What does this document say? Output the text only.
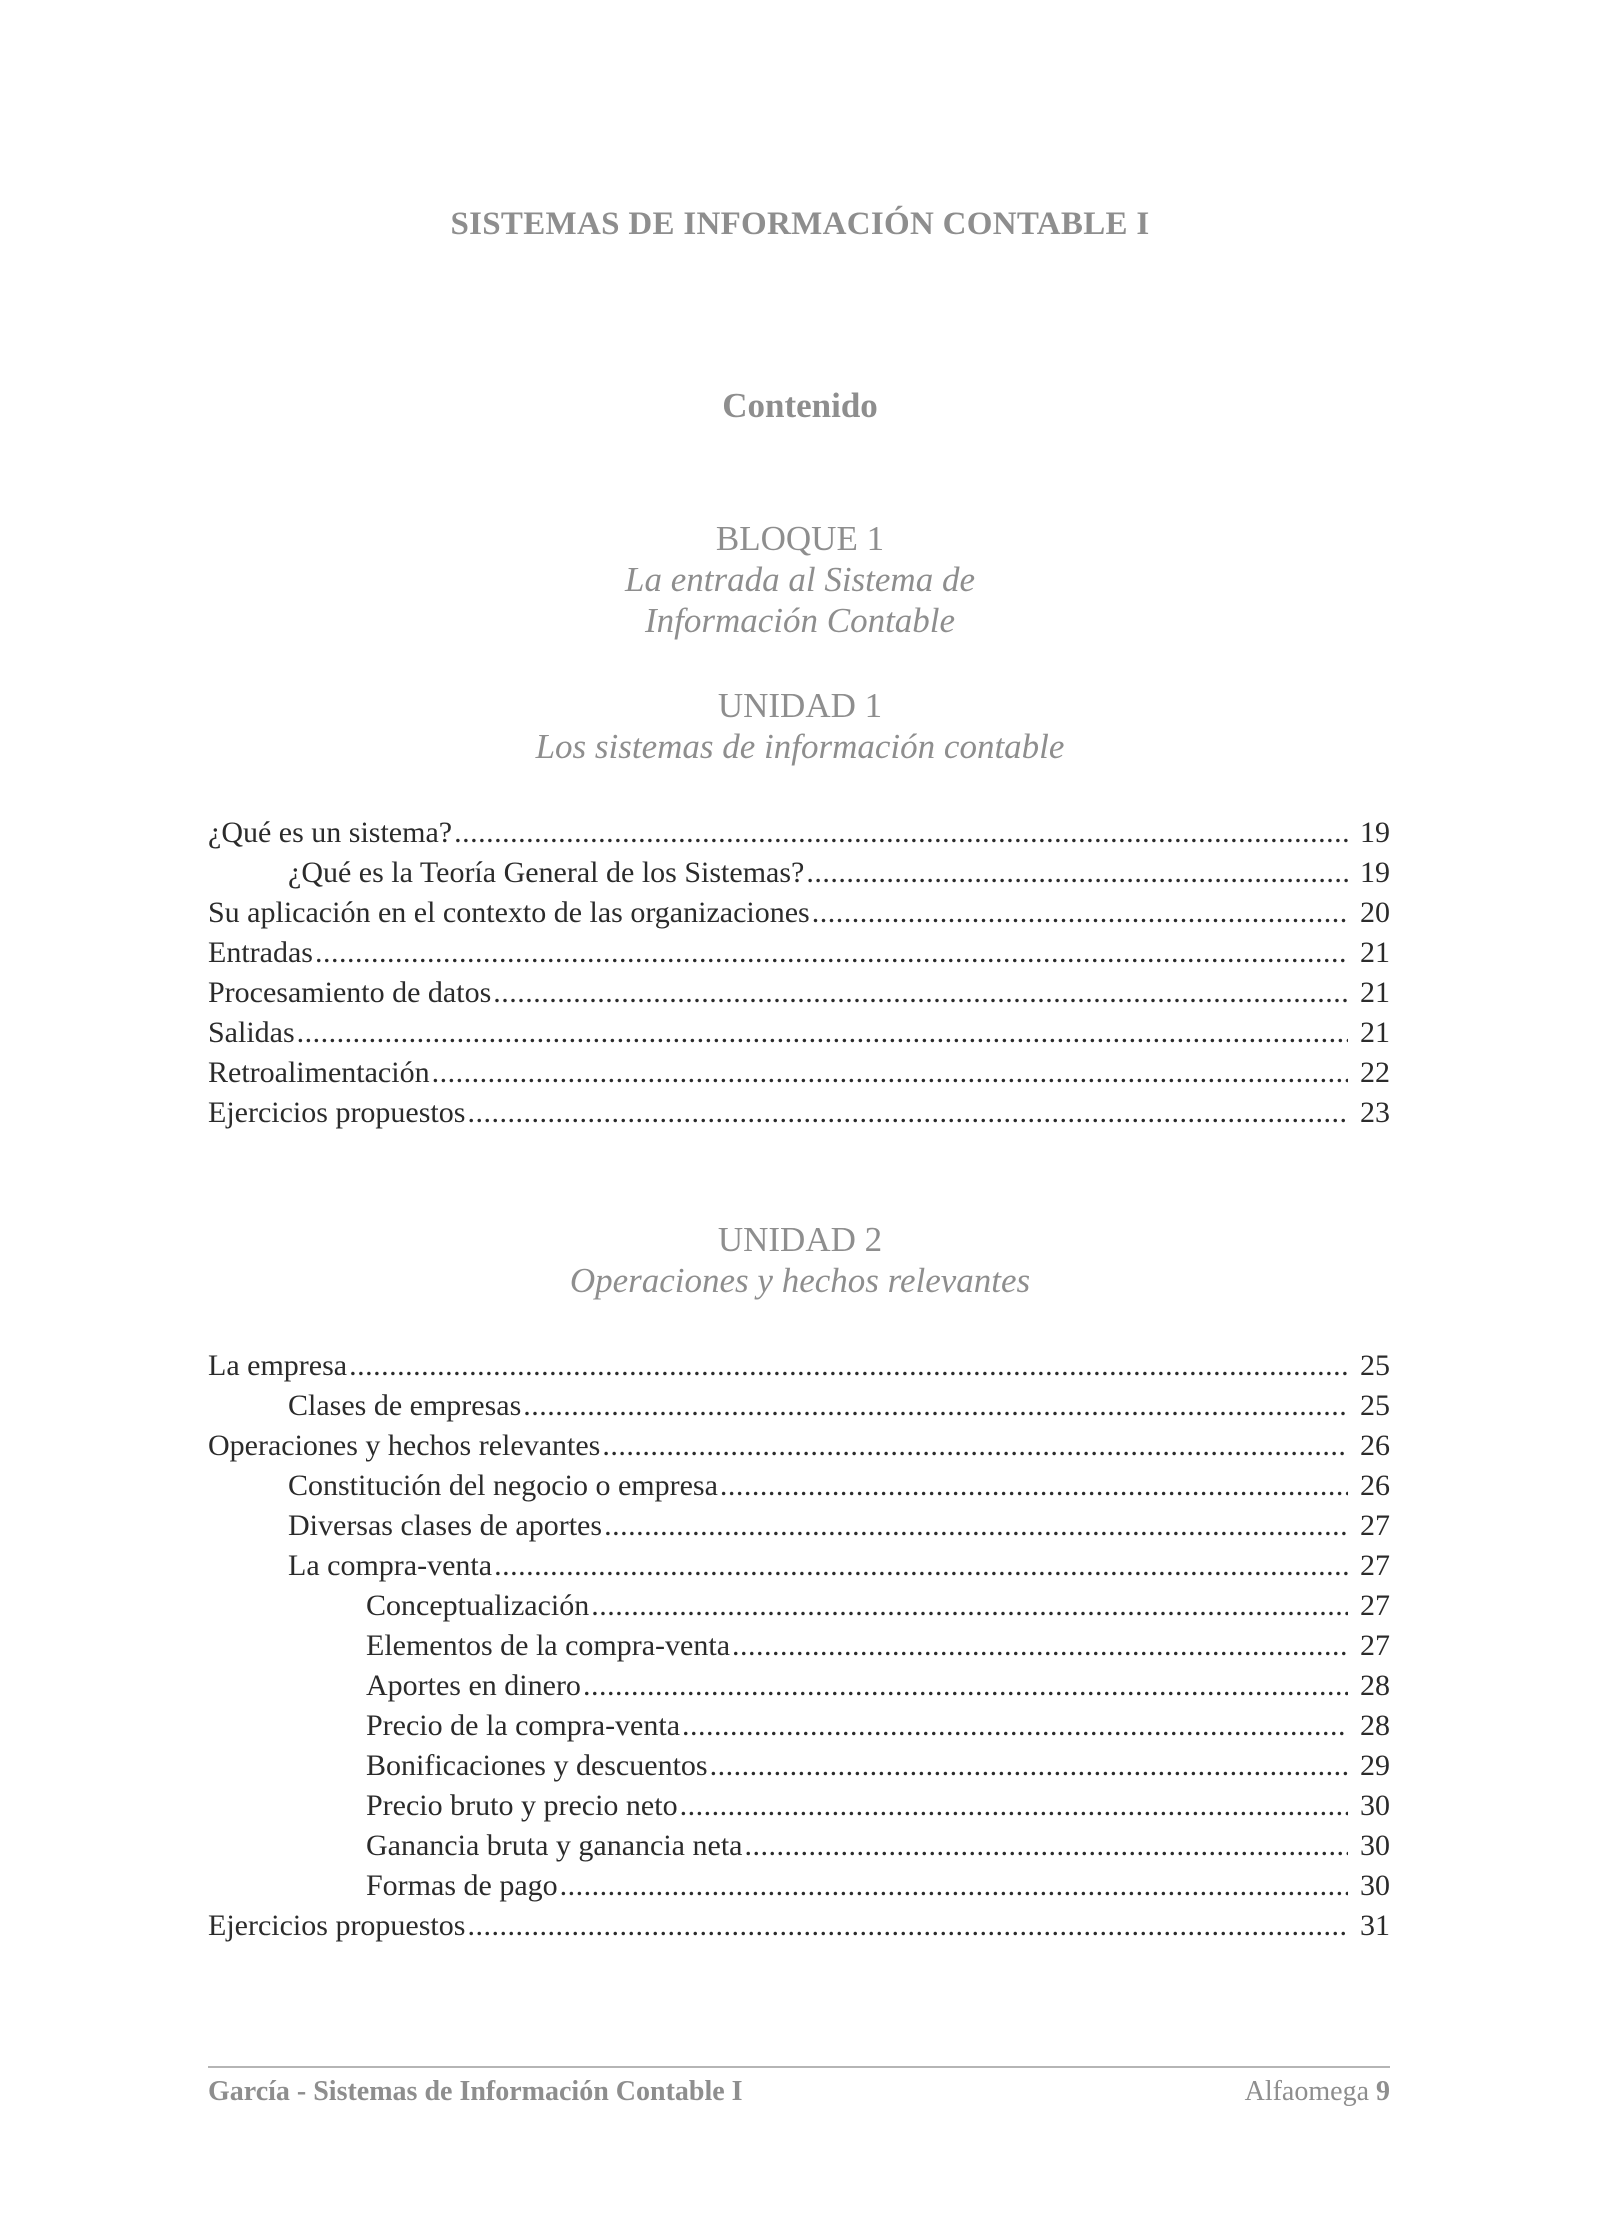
SISTEMAS DE INFORMACIÓN CONTABLE I
Contenido
BLOQUE 1
La entrada al Sistema de
Información Contable
UNIDAD 1
Los sistemas de información contable
¿Qué es un sistema? .....	19
¿Qué es la Teoría General de los Sistemas? .....	19
Su aplicación en el contexto de las organizaciones .....	20
Entradas .....	21
Procesamiento de datos .....	21
Salidas .....	21
Retroalimentación .....	22
Ejercicios propuestos .....	23
UNIDAD 2
Operaciones y hechos relevantes
La empresa .....	25
Clases de empresas .....	25
Operaciones y hechos relevantes .....	26
Constitución del negocio o empresa .....	26
Diversas clases de aportes .....	27
La compra-venta .....	27
Conceptualización .....	27
Elementos de la compra-venta .....	27
Aportes en dinero .....	28
Precio de la compra-venta .....	28
Bonificaciones y descuentos .....	29
Precio bruto y precio neto .....	30
Ganancia bruta y ganancia neta .....	30
Formas de pago .....	30
Ejercicios propuestos .....	31
García - Sistemas de Información Contable I	Alfaomega 9
